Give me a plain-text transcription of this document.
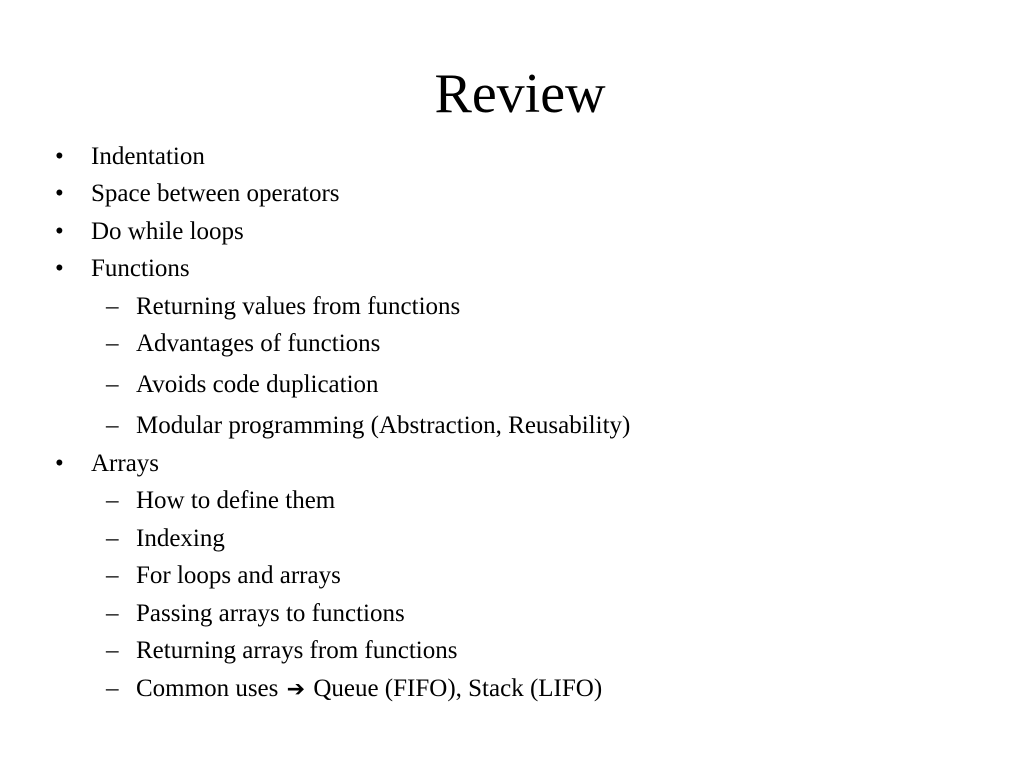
Review
• Indentation
• Space between operators
• Do while loops
• Functions
– Returning values from functions
– Advantages of functions
– Avoids code duplication
– Modular programming (Abstraction, Reusability)
• Arrays
– How to define them
– Indexing
– For loops and arrays
– Passing arrays to functions
– Returning arrays from functions
– Common uses ➔ Queue (FIFO), Stack (LIFO)
